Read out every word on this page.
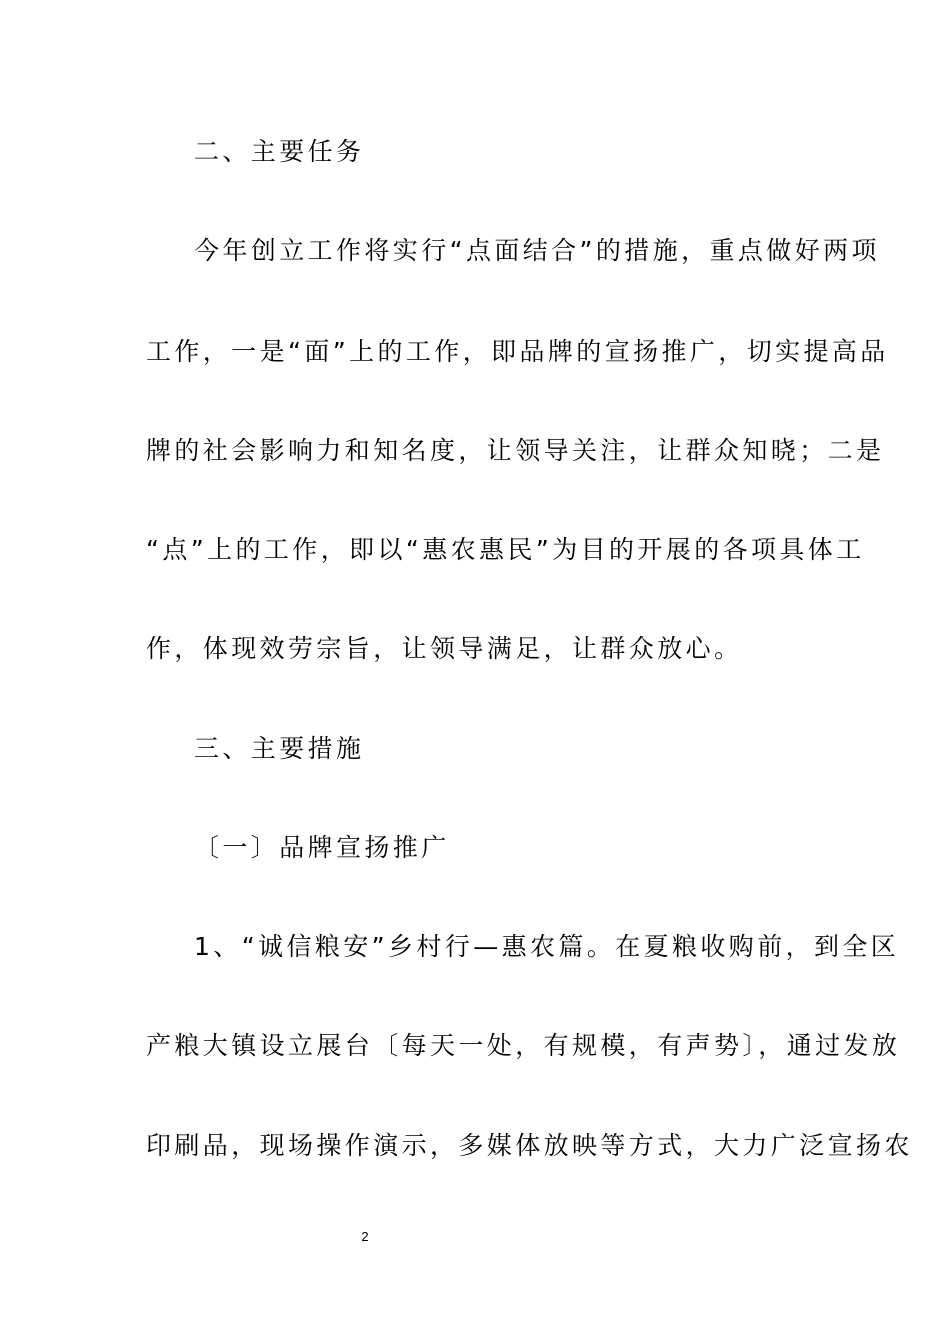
二、主要任务
今年创立工作将实行“点面结合”的措施，重点做好两项
工作，一是“面”上的工作，即品牌的宣扬推广，切实提高品
牌的社会影响力和知名度，让领导关注，让群众知晓；二是
“点”上的工作，即以“惠农惠民”为目的开展的各项具体工
作，体现效劳宗旨，让领导满足，让群众放心。
三、主要措施
〔一〕品牌宣扬推广
1、“诚信粮安”乡村行—惠农篇。在夏粮收购前，到全区
产粮大镇设立展台〔每天一处，有规模，有声势〕，通过发放
印刷品，现场操作演示，多媒体放映等方式，大力广泛宣扬农
2
